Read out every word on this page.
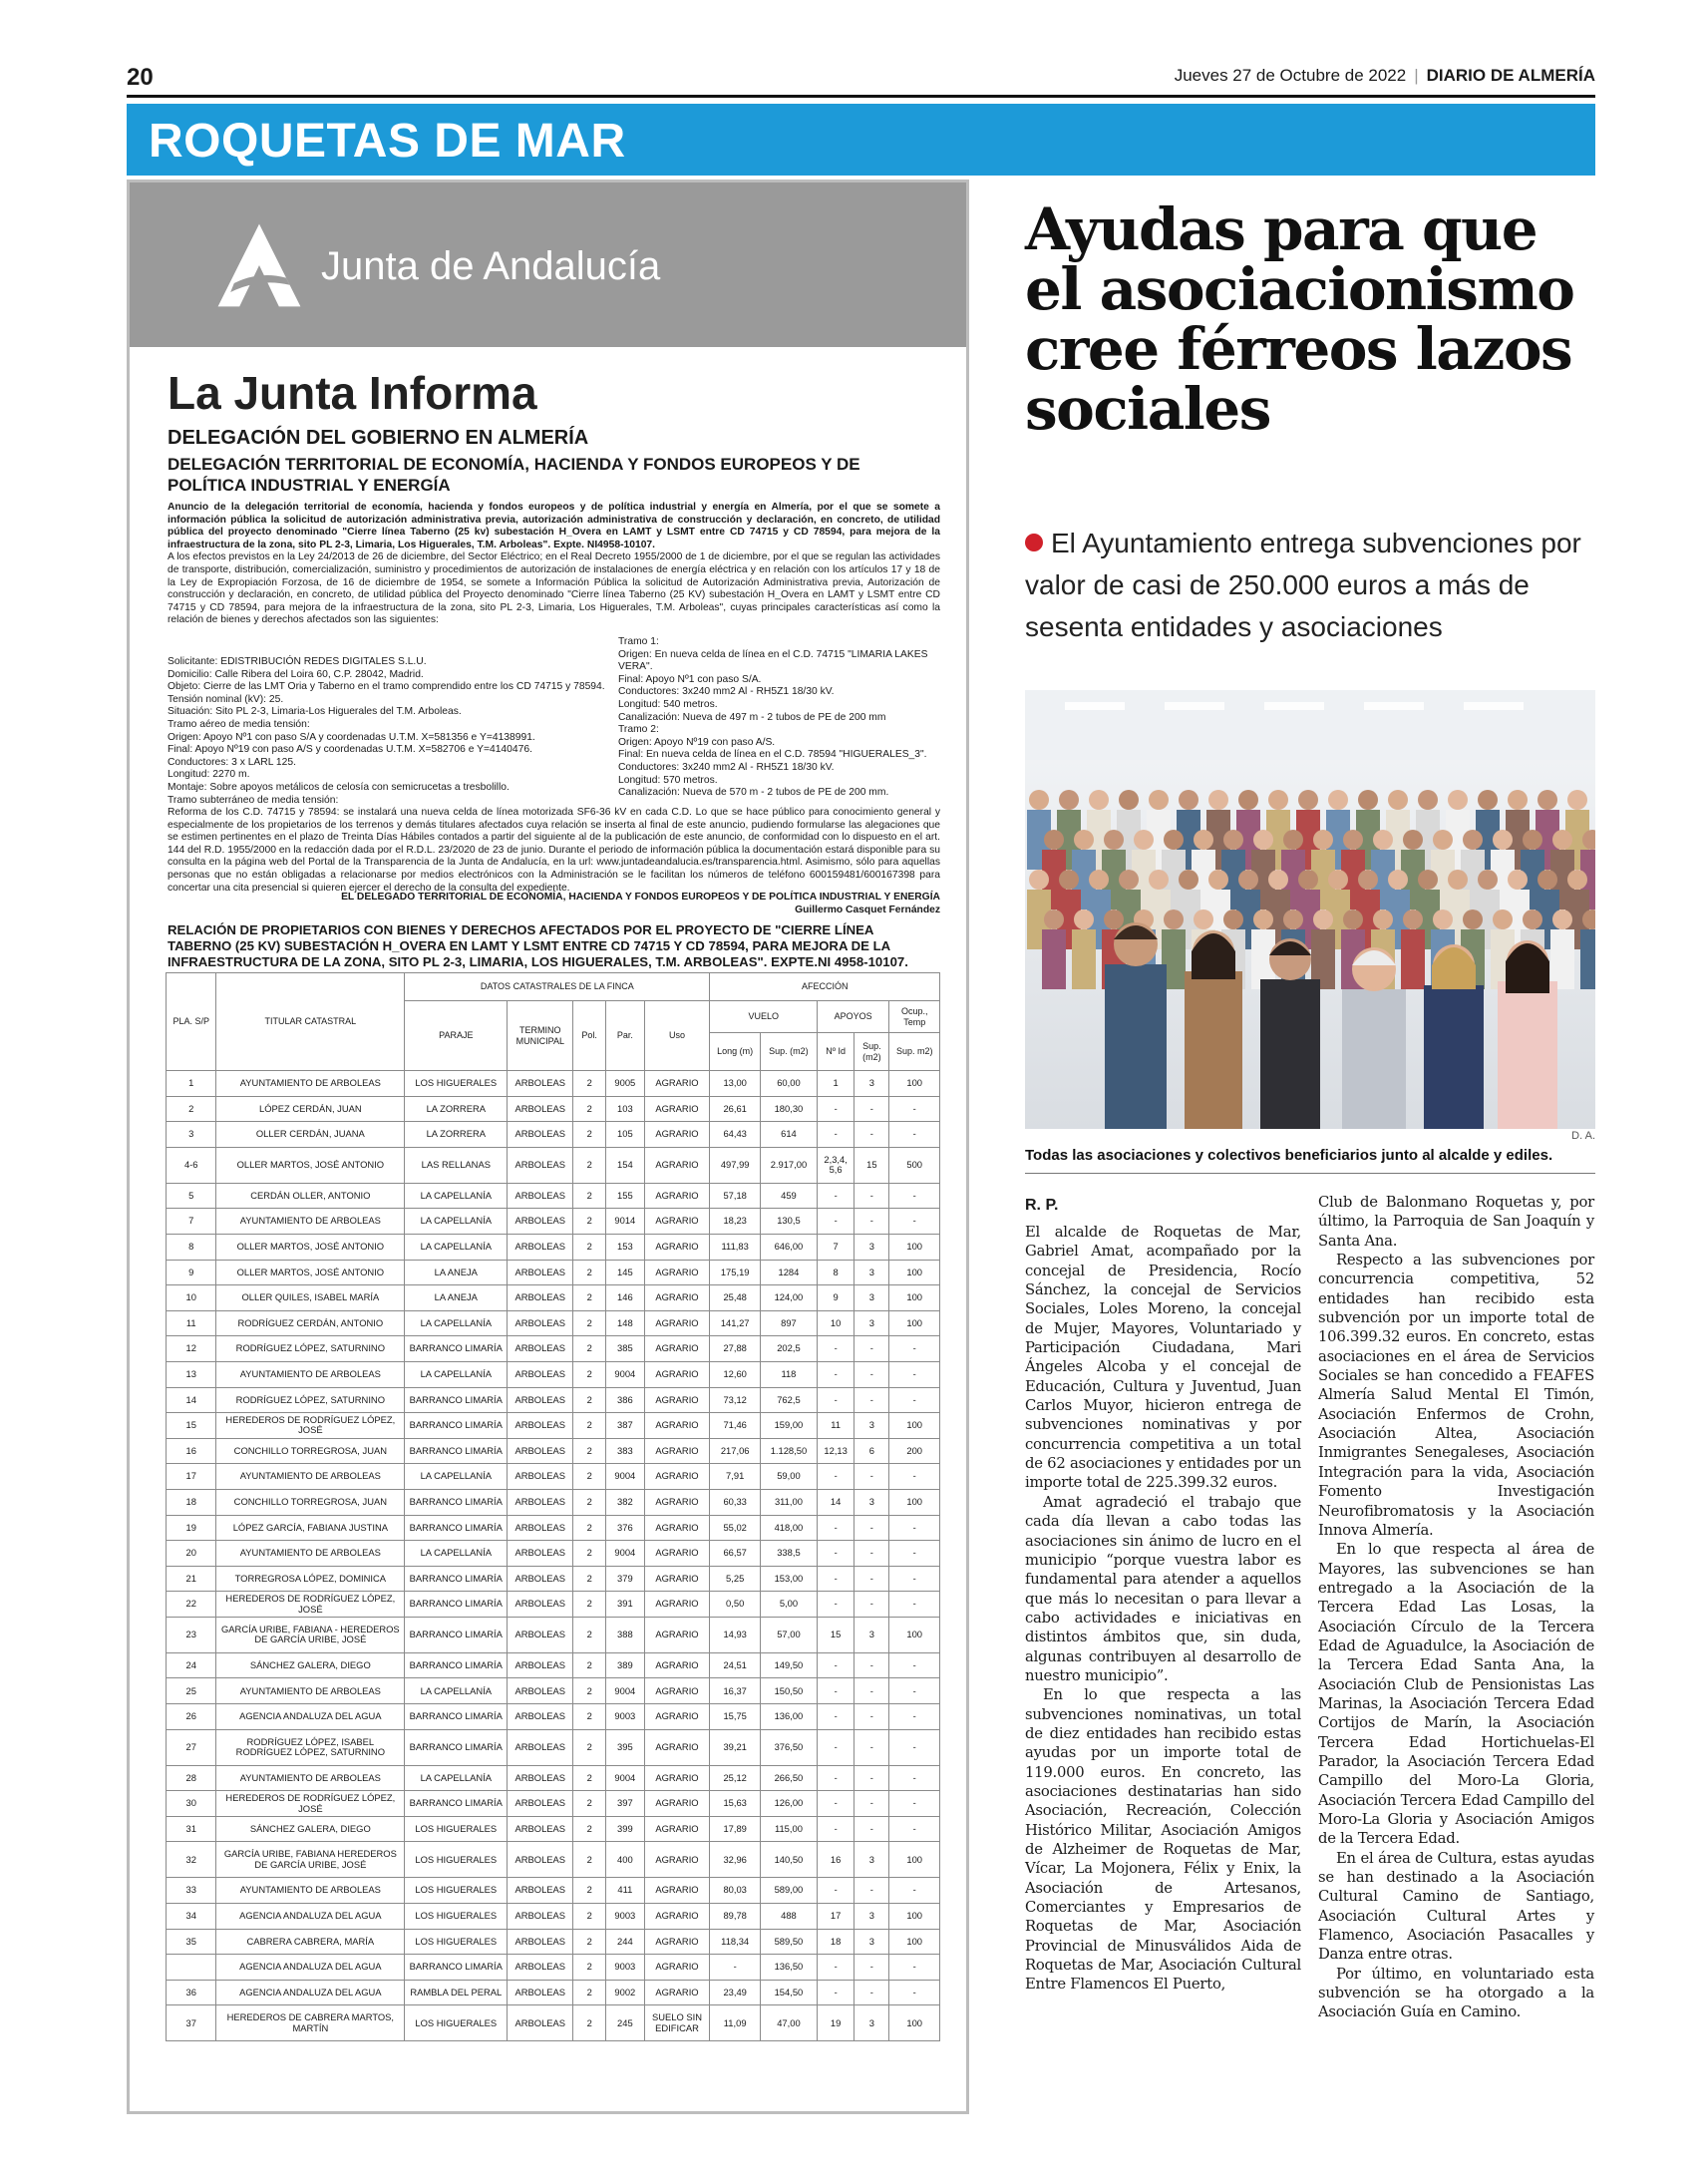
20	Jueves 27 de Octubre de 2022 | DIARIO DE ALMERÍA
ROQUETAS DE MAR
Junta de Andalucía
La Junta Informa
DELEGACIÓN DEL GOBIERNO EN ALMERÍA
DELEGACIÓN TERRITORIAL DE ECONOMÍA, HACIENDA Y FONDOS EUROPEOS Y DE POLÍTICA INDUSTRIAL Y ENERGÍA

Anuncio de la delegación territorial de economía, hacienda y fondos europeos y de política industrial y energía en Almería, por el que se somete a información pública la solicitud de autorización administrativa previa, autorización administrativa de construcción y declaración, en concreto, de utilidad pública del proyecto denominado "Cierre línea Taberno (25 kv) subestación H_Overa en LAMT y LSMT entre CD 74715 y CD 78594, para mejora de la infraestructura de la zona, sito PL 2-3, Limaria, Los Higuerales, T.M. Arboleas". Expte. NI4958-10107.

A los efectos previstos en la Ley 24/2013 de 26 de diciembre, del Sector Eléctrico; en el Real Decreto 1955/2000 de 1 de diciembre, por el que se regulan las actividades de transporte, distribución, comercialización, suministro y procedimientos de autorización de instalaciones de energía eléctrica y en relación con los artículos 17 y 18 de la Ley de Expropiación Forzosa, de 16 de diciembre de 1954, se somete a Información Pública la solicitud de Autorización Administrativa previa, Autorización de construcción y declaración, en concreto, de utilidad pública del Proyecto denominado "Cierre línea Taberno (25 KV) subestación H_Overa en LAMT y LSMT entre CD 74715 y CD 78594, para mejora de la infraestructura de la zona, sito PL 2-3, Limaria, Los Higuerales, T.M. Arboleas", cuyas principales características así como la relación de bienes y derechos afectados son las siguientes:

Solicitante: EDISTRIBUCIÓN REDES DIGITALES S.L.U.
Domicilio: Calle Ribera del Loira 60, C.P. 28042, Madrid.
Objeto: Cierre de las LMT Oria y Taberno en el tramo comprendido entre los CD 74715 y 78594.
Tensión nominal (kV): 25.
Situación: Sito PL 2-3, Limaria-Los Higuerales del T.M. Arboleas.
Tramo aéreo de media tensión:
Origen: Apoyo Nº1 con paso S/A y coordenadas U.T.M. X=581356 e Y=4138991.
Final: Apoyo Nº19 con paso A/S y coordenadas U.T.M. X=582706 e Y=4140476.
Conductores: 3 x LARL 125.
Longitud: 2270 m.
Montaje: Sobre apoyos metálicos de celosía con semicrucetas a tresbolillo.
Tramo subterráneo de media tensión:
Tramo 1:
Origen: En nueva celda de línea en el C.D. 74715 "LIMARIA LAKES VERA".
Final: Apoyo Nº1 con paso S/A.
Conductores: 3x240 mm2 Al - RH5Z1 18/30 kV.
Longitud: 540 metros.
Canalización: Nueva de 497 m - 2 tubos de PE de 200 mm
Tramo 2:
Origen: Apoyo Nº19 con paso A/S.
Final: En nueva celda de línea en el C.D. 78594 "HIGUERALES_3".
Conductores: 3x240 mm2 Al - RH5Z1 18/30 kV.
Longitud: 570 metros.
Canalización: Nueva de 570 m - 2 tubos de PE de 200 mm.
Reforma de los C.D. 74715 y 78594: se instalará una nueva celda de línea motorizada SF6-36 kV en cada C.D. Lo que se hace público para conocimiento general y especialmente de los propietarios de los terrenos y demás titulares afectados cuya relación se inserta al final de este anuncio, pudiendo formularse las alegaciones que se estimen pertinentes en el plazo de Treinta Días Hábiles contados a partir del siguiente al de la publicación de este anuncio, de conformidad con lo dispuesto en el art. 144 del R.D. 1955/2000 en la redacción dada por el R.D.L. 23/2020 de 23 de junio. Durante el periodo de información pública la documentación estará disponible para su consulta en la página web del Portal de la Transparencia de la Junta de Andalucía, en la url: www.juntadeandalucia.es/transparencia.html. Asimismo, sólo para aquellas personas que no están obligadas a relacionarse por medios electrónicos con la Administración se le facilitan los números de teléfono 600159481/600167398 para concertar una cita presencial si quieren ejercer el derecho de la consulta del expediente.
EL DELEGADO TERRITORIAL DE ECONOMÍA, HACIENDA Y FONDOS EUROPEOS Y DE POLÍTICA INDUSTRIAL Y ENERGÍA
Guillermo Casquet Fernández
RELACIÓN DE PROPIETARIOS CON BIENES Y DERECHOS AFECTADOS POR EL PROYECTO DE "CIERRE LÍNEA TABERNO (25 KV) SUBESTACIÓN H_OVERA EN LAMT Y LSMT ENTRE CD 74715 Y CD 78594, PARA MEJORA DE LA INFRAESTRUCTURA DE LA ZONA, SITO PL 2-3, LIMARIA, LOS HIGUERALES, T.M. ARBOLEAS". EXPTE.NI 4958-10107.
PLA. S/P	TITULAR CATASTRAL	DATOS CATASTRALES DE LA FINCA					AFECCIÓN				
		PARAJE	TERMINO MUNICIPAL	Pol.	Par.	Uso	VUELO		APOYOS		Ocup., Temp
							Long (m)	Sup. (m2)	Nº Id	Sup. (m2)	Sup. m2)
1	AYUNTAMIENTO DE ARBOLEAS	LOS HIGUERALES	ARBOLEAS	2	9005	AGRARIO	13,00	60,00	1	3	100
2	LÓPEZ CERDÁN, JUAN	LA ZORRERA	ARBOLEAS	2	103	AGRARIO	26,61	180,30	-	-	-
3	OLLER CERDÁN, JUANA	LA ZORRERA	ARBOLEAS	2	105	AGRARIO	64,43	614	-	-	-
4-6	OLLER MARTOS, JOSÉ ANTONIO	LAS RELLANAS	ARBOLEAS	2	154	AGRARIO	497,99	2.917,00	2,3,4, 5,6	15	500
5	CERDÁN OLLER, ANTONIO	LA CAPELLANÍA	ARBOLEAS	2	155	AGRARIO	57,18	459	-	-	-
7	AYUNTAMIENTO DE ARBOLEAS	LA CAPELLANÍA	ARBOLEAS	2	9014	AGRARIO	18,23	130,5	-	-	-
8	OLLER MARTOS, JOSÉ ANTONIO	LA CAPELLANÍA	ARBOLEAS	2	153	AGRARIO	111,83	646,00	7	3	100
9	OLLER MARTOS, JOSÉ ANTONIO	LA ANEJA	ARBOLEAS	2	145	AGRARIO	175,19	1284	8	3	100
10	OLLER QUILES, ISABEL MARÍA	LA ANEJA	ARBOLEAS	2	146	AGRARIO	25,48	124,00	9	3	100
11	RODRÍGUEZ CERDÁN, ANTONIO	LA CAPELLANÍA	ARBOLEAS	2	148	AGRARIO	141,27	897	10	3	100
12	RODRÍGUEZ LÓPEZ, SATURNINO	BARRANCO LIMARÍA	ARBOLEAS	2	385	AGRARIO	27,88	202,5	-	-	-
13	AYUNTAMIENTO DE ARBOLEAS	LA CAPELLANÍA	ARBOLEAS	2	9004	AGRARIO	12,60	118	-	-	-
14	RODRÍGUEZ LÓPEZ, SATURNINO	BARRANCO LIMARÍA	ARBOLEAS	2	386	AGRARIO	73,12	762,5	-	-	-
15	HEREDEROS DE RODRÍGUEZ LÓPEZ, JOSÉ	BARRANCO LIMARÍA	ARBOLEAS	2	387	AGRARIO	71,46	159,00	11	3	100
16	CONCHILLO TORREGROSA, JUAN	BARRANCO LIMARÍA	ARBOLEAS	2	383	AGRARIO	217,06	1.128,50	12,13	6	200
17	AYUNTAMIENTO DE ARBOLEAS	LA CAPELLANÍA	ARBOLEAS	2	9004	AGRARIO	7,91	59,00	-	-	-
18	CONCHILLO TORREGROSA, JUAN	BARRANCO LIMARÍA	ARBOLEAS	2	382	AGRARIO	60,33	311,00	14	3	100
19	LÓPEZ GARCÍA, FABIANA JUSTINA	BARRANCO LIMARÍA	ARBOLEAS	2	376	AGRARIO	55,02	418,00	-	-	-
20	AYUNTAMIENTO DE ARBOLEAS	LA CAPELLANÍA	ARBOLEAS	2	9004	AGRARIO	66,57	338,5	-	-	-
21	TORREGROSA LÓPEZ, DOMINICA	BARRANCO LIMARÍA	ARBOLEAS	2	379	AGRARIO	5,25	153,00	-	-	-
22	HEREDEROS DE RODRÍGUEZ LÓPEZ, JOSÉ	BARRANCO LIMARÍA	ARBOLEAS	2	391	AGRARIO	0,50	5,00	-	-	-
23	GARCÍA URIBE, FABIANA - HEREDEROS DE GARCÍA URIBE, JOSÉ	BARRANCO LIMARÍA	ARBOLEAS	2	388	AGRARIO	14,93	57,00	15	3	100
24	SÁNCHEZ GALERA, DIEGO	BARRANCO LIMARÍA	ARBOLEAS	2	389	AGRARIO	24,51	149,50	-	-	-
25	AYUNTAMIENTO DE ARBOLEAS	LA CAPELLANÍA	ARBOLEAS	2	9004	AGRARIO	16,37	150,50	-	-	-
26	AGENCIA ANDALUZA DEL AGUA	BARRANCO LIMARÍA	ARBOLEAS	2	9003	AGRARIO	15,75	136,00	-	-	-
27	RODRÍGUEZ LÓPEZ, ISABEL RODRÍGUEZ LÓPEZ, SATURNINO	BARRANCO LIMARÍA	ARBOLEAS	2	395	AGRARIO	39,21	376,50	-	-	-
28	AYUNTAMIENTO DE ARBOLEAS	LA CAPELLANÍA	ARBOLEAS	2	9004	AGRARIO	25,12	266,50	-	-	-
30	HEREDEROS DE RODRÍGUEZ LÓPEZ, JOSÉ	BARRANCO LIMARÍA	ARBOLEAS	2	397	AGRARIO	15,63	126,00	-	-	-
31	SÁNCHEZ GALERA, DIEGO	LOS HIGUERALES	ARBOLEAS	2	399	AGRARIO	17,89	115,00	-	-	-
32	GARCÍA URIBE, FABIANA HEREDEROS DE GARCÍA URIBE, JOSÉ	LOS HIGUERALES	ARBOLEAS	2	400	AGRARIO	32,96	140,50	16	3	100
33	AYUNTAMIENTO DE ARBOLEAS	LOS HIGUERALES	ARBOLEAS	2	411	AGRARIO	80,03	589,00	-	-	-
34	AGENCIA ANDALUZA DEL AGUA	LOS HIGUERALES	ARBOLEAS	2	9003	AGRARIO	89,78	488	17	3	100
35	CABRERA CABRERA, MARÍA	LOS HIGUERALES	ARBOLEAS	2	244	AGRARIO	118,34	589,50	18	3	100
	AGENCIA ANDALUZA DEL AGUA	BARRANCO LIMARÍA	ARBOLEAS	2	9003	AGRARIO	-	136,50	-	-	-
36	AGENCIA ANDALUZA DEL AGUA	RAMBLA DEL PERAL	ARBOLEAS	2	9002	AGRARIO	23,49	154,50	-	-	-
37	HEREDEROS DE CABRERA MARTOS, MARTÍN	LOS HIGUERALES	ARBOLEAS	2	245	SUELO SIN EDIFICAR	11,09	47,00	19	3	100
Ayudas para que el asociacionismo cree férreos lazos sociales
El Ayuntamiento entrega subvenciones por valor de casi de 250.000 euros a más de sesenta entidades y asociaciones
D. A.
Todas las asociaciones y colectivos beneficiarios junto al alcalde y ediles.
R. P.

El alcalde de Roquetas de Mar, Gabriel Amat, acompañado por la concejal de Presidencia, Rocío Sánchez, la concejal de Servicios Sociales, Loles Moreno, la concejal de Mujer, Mayores, Voluntariado y Participación Ciudadana, Mari Ángeles Alcoba y el concejal de Educación, Cultura y Juventud, Juan Carlos Muyor, hicieron entrega de subvenciones nominativas y por concurrencia competitiva a un total de 62 asociaciones y entidades por un importe total de 225.399.32 euros.

Amat agradeció el trabajo que cada día llevan a cabo todas las asociaciones sin ánimo de lucro en el municipio “porque vuestra labor es fundamental para atender a aquellos que más lo necesitan o para llevar a cabo actividades e iniciativas en distintos ámbitos que, sin duda, algunas contribuyen al desarrollo de nuestro municipio”.

En lo que respecta a las subvenciones nominativas, un total de diez entidades han recibido estas ayudas por un importe total de 119.000 euros. En concreto, las asociaciones destinatarias han sido Asociación, Recreación, Colección Histórico Militar, Asociación Amigos de Alzheimer de Roquetas de Mar, Vícar, La Mojonera, Félix y Enix, la Asociación de Artesanos, Comerciantes y Empresarios de Roquetas de Mar, Asociación Provincial de Minusválidos Aida de Roquetas de Mar, Asociación Cultural Entre Flamencos El Puerto,

Club de Balonmano Roquetas y, por último, la Parroquia de San Joaquín y Santa Ana.

Respecto a las subvenciones por concurrencia competitiva, 52 entidades han recibido esta subvención por un importe total de 106.399.32 euros. En concreto, estas asociaciones en el área de Servicios Sociales se han concedido a FEAFES Almería Salud Mental El Timón, Asociación Enfermos de Crohn, Asociación Altea, Asociación Inmigrantes Senegaleses, Asociación Integración para la vida, Asociación Fomento Investigación Neurofibromatosis y la Asociación Innova Almería.

En lo que respecta al área de Mayores, las subvenciones se han entregado a la Asociación de la Tercera Edad Las Losas, la Asociación Círculo de la Tercera Edad de Aguadulce, la Asociación de la Tercera Edad Santa Ana, la Asociación Club de Pensionistas Las Marinas, la Asociación Tercera Edad Cortijos de Marín, la Asociación Tercera Edad Hortichuelas-El Parador, la Asociación Tercera Edad Campillo del Moro-La Gloria, Asociación Tercera Edad Campillo del Moro-La Gloria y Asociación Amigos de la Tercera Edad.

En el área de Cultura, estas ayudas se han destinado a la Asociación Cultural Camino de Santiago, Asociación Cultural Artes y Flamenco, Asociación Pasacalles y Danza entre otras.

Por último, en voluntariado esta subvención se ha otorgado a la Asociación Guía en Camino.
